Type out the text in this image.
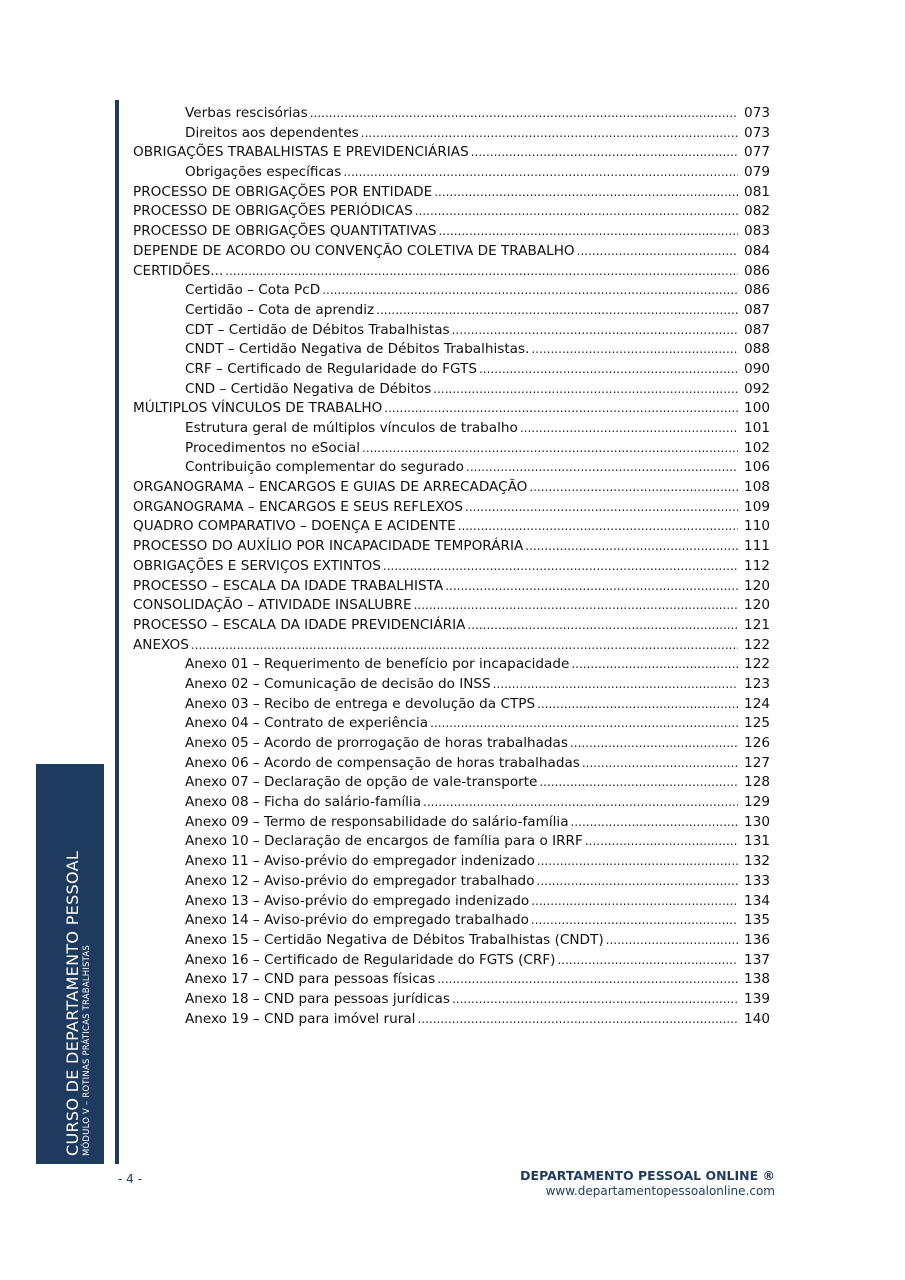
CURSO DE DEPARTAMENTO PESSOAL MÓDULO V – ROTINAS PRÁTICAS TRABALHISTAS
Verbas rescisórias .....	073
Direitos aos dependentes .....	073
OBRIGAÇÕES TRABALHISTAS E PREVIDENCIÁRIAS .....	077
Obrigações específicas .....	079
PROCESSO DE OBRIGAÇÕES POR ENTIDADE .....	081
PROCESSO DE OBRIGAÇÕES PERIÓDICAS .....	082
PROCESSO DE OBRIGAÇÕES QUANTITATIVAS .....	083
DEPENDE DE ACORDO OU CONVENÇÃO COLETIVA DE TRABALHO .....	084
CERTIDÕES... .....	086
Certidão – Cota PcD .....	086
Certidão – Cota de aprendiz .....	087
CDT – Certidão de Débitos Trabalhistas .....	087
CNDT – Certidão Negativa de Débitos Trabalhistas. .....	088
CRF – Certificado de Regularidade do FGTS .....	090
CND – Certidão Negativa de Débitos .....	092
MÚLTIPLOS VÍNCULOS DE TRABALHO .....	100
Estrutura geral de múltiplos vínculos de trabalho .....	101
Procedimentos no eSocial .....	102
Contribuição complementar do segurado .....	106
ORGANOGRAMA – ENCARGOS E GUIAS DE ARRECADAÇÃO .....	108
ORGANOGRAMA – ENCARGOS E SEUS REFLEXOS .....	109
QUADRO COMPARATIVO – DOENÇA E ACIDENTE .....	110
PROCESSO DO AUXÍLIO POR INCAPACIDADE TEMPORÁRIA .....	111
OBRIGAÇÕES E SERVIÇOS EXTINTOS .....	112
PROCESSO – ESCALA DA IDADE TRABALHISTA .....	120
CONSOLIDAÇÃO – ATIVIDADE INSALUBRE .....	120
PROCESSO – ESCALA DA IDADE PREVIDENCIÁRIA .....	121
ANEXOS .....	122
Anexo 01 – Requerimento de benefício por incapacidade .....	122
Anexo 02 – Comunicação de decisão do INSS .....	123
Anexo 03 – Recibo de entrega e devolução da CTPS .....	124
Anexo 04 – Contrato de experiência .....	125
Anexo 05 – Acordo de prorrogação de horas trabalhadas .....	126
Anexo 06 – Acordo de compensação de horas trabalhadas .....	127
Anexo 07 – Declaração de opção de vale-transporte .....	128
Anexo 08 – Ficha do salário-família .....	129
Anexo 09 – Termo de responsabilidade do salário-família .....	130
Anexo 10 – Declaração de encargos de família para o IRRF .....	131
Anexo 11 – Aviso-prévio do empregador indenizado .....	132
Anexo 12 – Aviso-prévio do empregador trabalhado .....	133
Anexo 13 – Aviso-prévio do empregado indenizado .....	134
Anexo 14 – Aviso-prévio do empregado trabalhado .....	135
Anexo 15 – Certidão Negativa de Débitos Trabalhistas (CNDT) .....	136
Anexo 16 – Certificado de Regularidade do FGTS (CRF) .....	137
Anexo 17 – CND para pessoas físicas .....	138
Anexo 18 – CND para pessoas jurídicas .....	139
Anexo 19 – CND para imóvel rural .....	140
- 4 -	DEPARTAMENTO PESSOAL ONLINE ®
www.departamentopessoalonline.com
